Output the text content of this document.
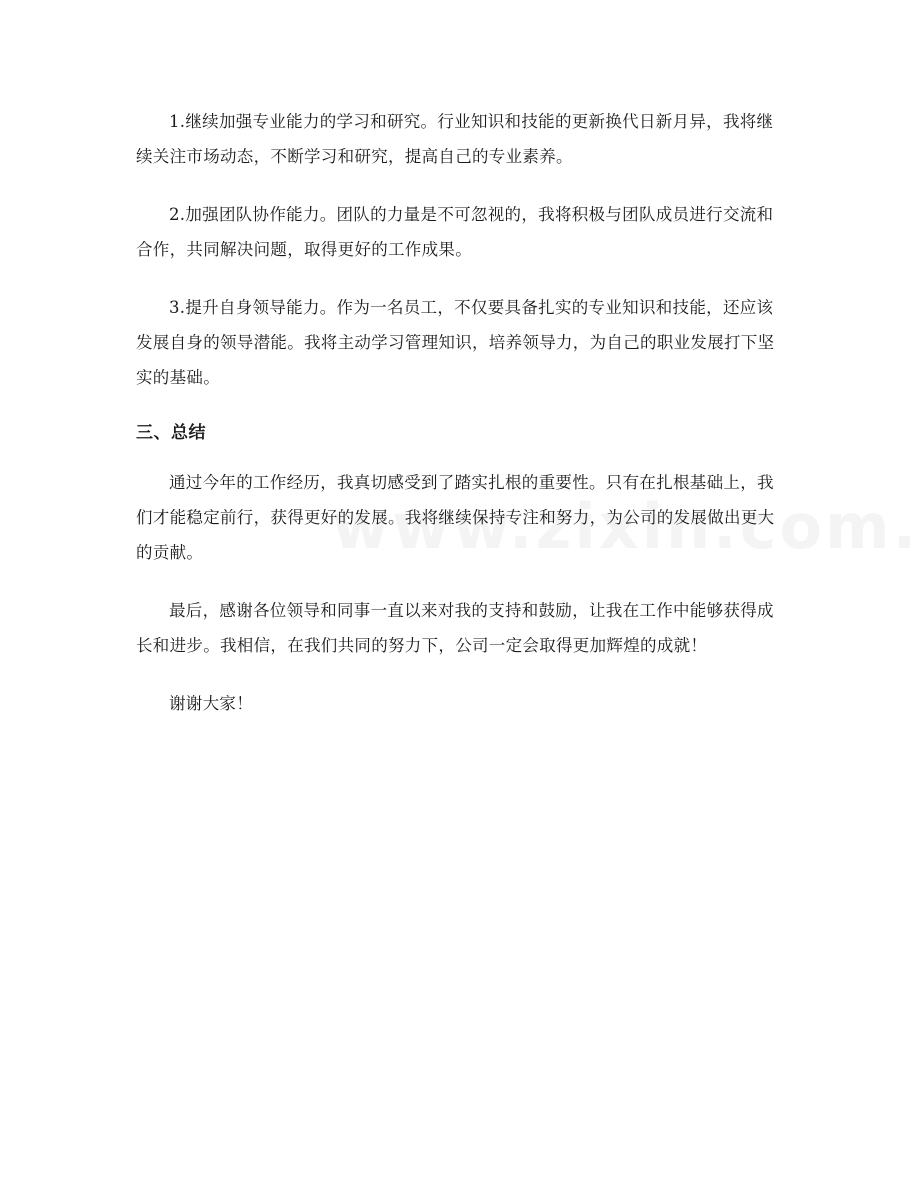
1.继续加强专业能力的学习和研究。行业知识和技能的更新换代日新月异，我将继续关注市场动态，不断学习和研究，提高自己的专业素养。

2.加强团队协作能力。团队的力量是不可忽视的，我将积极与团队成员进行交流和合作，共同解决问题，取得更好的工作成果。

3.提升自身领导能力。作为一名员工，不仅要具备扎实的专业知识和技能，还应该发展自身的领导潜能。我将主动学习管理知识，培养领导力，为自己的职业发展打下坚实的基础。

三、总结

通过今年的工作经历，我真切感受到了踏实扎根的重要性。只有在扎根基础上，我们才能稳定前行，获得更好的发展。我将继续保持专注和努力，为公司的发展做出更大的贡献。

最后，感谢各位领导和同事一直以来对我的支持和鼓励，让我在工作中能够获得成长和进步。我相信，在我们共同的努力下，公司一定会取得更加辉煌的成就！

谢谢大家！
